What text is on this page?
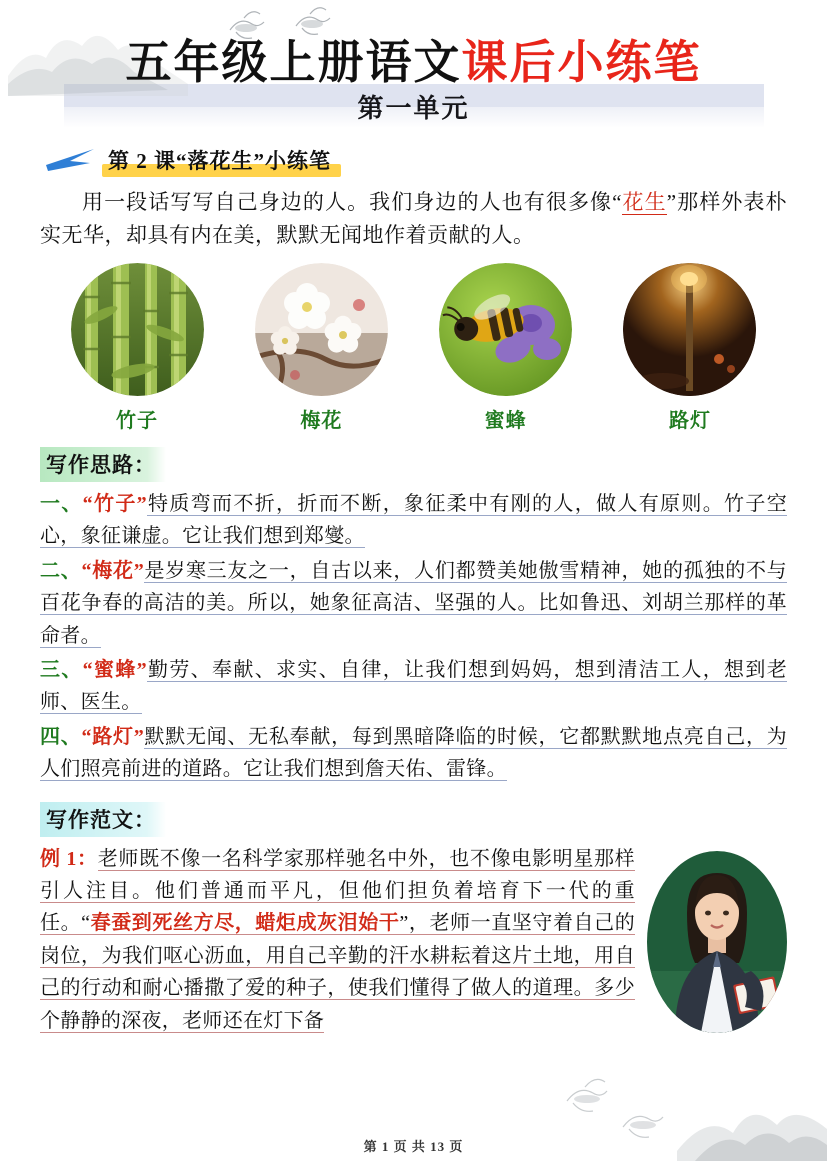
五年级上册语文课后小练笔
第一单元
第 2 课“落花生”小练笔
用一段话写写自己身边的人。我们身边的人也有很多像“花生”那样外表朴实无华，却具有内在美，默默无闻地作着贡献的人。
竹子	梅花	蜜蜂	路灯
写作思路：
一、“竹子”特质弯而不折，折而不断，象征柔中有刚的人，做人有原则。竹子空心，象征谦虚。它让我们想到郑燮。
二、“梅花”是岁寒三友之一，自古以来，人们都赞美她傲雪精神，她的孤独的不与百花争春的高洁的美。所以，她象征高洁、坚强的人。比如鲁迅、刘胡兰那样的革命者。
三、“蜜蜂”勤劳、奉献、求实、自律，让我们想到妈妈，想到清洁工人，想到老师、医生。
四、“路灯”默默无闻、无私奉献，每到黑暗降临的时候，它都默默地点亮自己，为人们照亮前进的道路。它让我们想到詹天佑、雷锋。
写作范文：

例 1：老师既不像一名科学家那样驰名中外，也不像电影明星那样引人注目。他们普通而平凡，但他们担负着培育下一代的重任。“春蚕到死丝方尽，蜡炬成灰泪始干”，老师一直坚守着自己的岗位，为我们呕心沥血，用自己辛勤的汗水耕耘着这片土地，用自己的行动和耐心播撒了爱的种子，使我们懂得了做人的道理。多少个静静的深夜，老师还在灯下备

第 1 页 共 13 页
